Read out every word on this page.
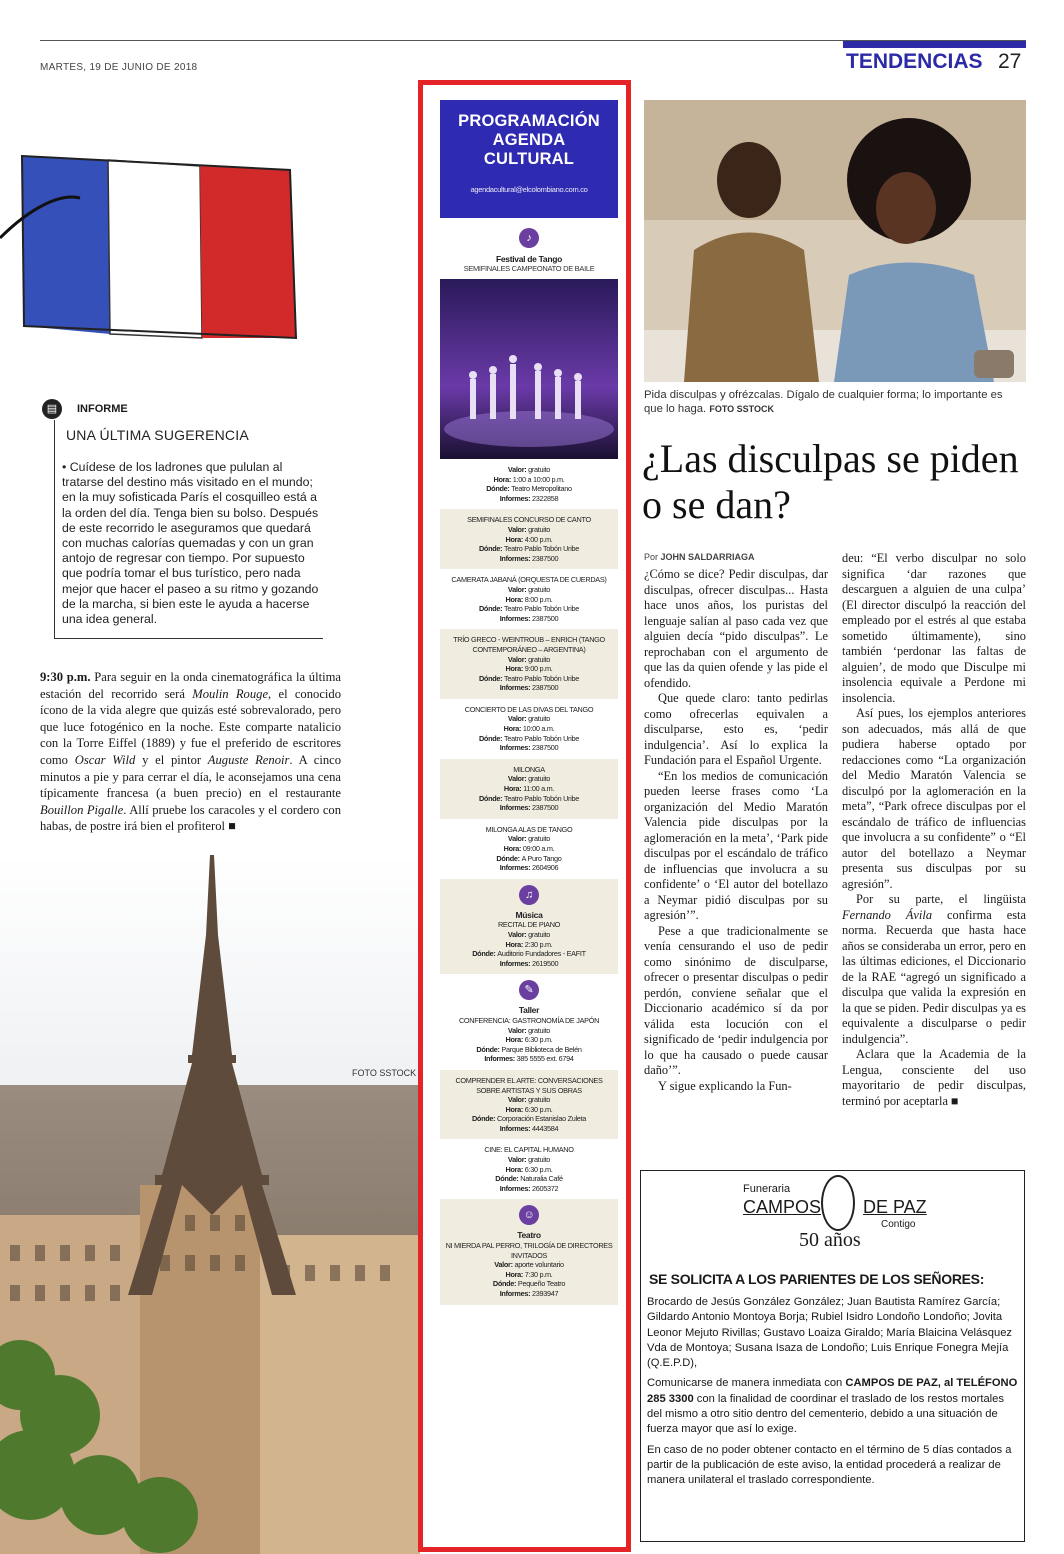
MARTES, 19 DE JUNIO DE 2018	TENDENCIAS 27
▤	INFORME
UNA ÚLTIMA SUGERENCIA
• Cuídese de los ladrones que pululan al tratarse del destino más visitado en el mundo; en la muy sofisticada París el cosquilleo está a la orden del día. Tenga bien su bolso. Después de este recorrido le aseguramos que quedará con muchas calorías quemadas y con un gran antojo de regresar con tiempo. Por supuesto que podría tomar el bus turístico, pero nada mejor que hacer el paseo a su ritmo y gozando de la marcha, si bien este le ayuda a hacerse una idea general.
9:30 p.m. Para seguir en la onda cinematográfica la última estación del recorrido será Moulin Rouge, el conocido ícono de la vida alegre que quizás esté sobrevalorado, pero que luce fotogénico en la noche. Este comparte natalicio con la Torre Eiffel (1889) y fue el preferido de escritores como Oscar Wild y el pintor Auguste Renoir. A cinco minutos a pie y para cerrar el día, le aconsejamos una cena típicamente francesa (a buen precio) en el restaurante Bouillon Pigalle. Allí pruebe los caracoles y el cordero con habas, de postre irá bien el profiterol ■
FOTO SSTOCK
PROGRAMACIÓN
AGENDA
CULTURAL
agendacultural@elcolombiano.com.co
♪
Festival de Tango
SEMIFINALES CAMPEONATO DE BAILE
Valor: gratuito
Hora: 1:00 a 10:00 p.m.
Dónde: Teatro Metropolitano
Informes: 2322858
SEMIFINALES CONCURSO DE CANTO
Valor: gratuito
Hora: 4:00 p.m.
Dónde: Teatro Pablo Tobón Uribe
Informes: 2387500
CAMERATA JABANÁ (ORQUESTA DE CUERDAS)
Valor: gratuito
Hora: 8:00 p.m.
Dónde: Teatro Pablo Tobón Uribe
Informes: 2387500
TRÍO GRECO - WEINTROUB – ENRICH (TANGO CONTEMPORÁNEO – ARGENTINA)
Valor: gratuito
Hora: 9:00 p.m.
Dónde: Teatro Pablo Tobón Uribe
Informes: 2387500
CONCIERTO DE LAS DIVAS DEL TANGO
Valor: gratuito
Hora: 10:00 a.m.
Dónde: Teatro Pablo Tobón Uribe
Informes: 2387500
MILONGA
Valor: gratuito
Hora: 11:00 a.m.
Dónde: Teatro Pablo Tobón Uribe
Informes: 2387500
MILONGA ALAS DE TANGO
Valor: gratuito
Hora: 09:00 a.m.
Dónde: A Puro Tango
Informes: 2604906
♫
Música
RECITAL DE PIANO
Valor: gratuito
Hora: 2:30 p.m.
Dónde: Auditorio Fundadores - EAFIT
Informes: 2619500
✎
Taller
CONFERENCIA: GASTRONOMÍA DE JAPÓN
Valor: gratuito
Hora: 6:30 p.m.
Dónde: Parque Biblioteca de Belén
Informes: 385 5555 ext. 6794
COMPRENDER EL ARTE: CONVERSACIONES SOBRE ARTISTAS Y SUS OBRAS
Valor: gratuito
Hora: 6:30 p.m.
Dónde: Corporación Estanislao Zuleta
Informes: 4443584
CINE: EL CAPITAL HUMANO
Valor: gratuito
Hora: 6:30 p.m.
Dónde: Naturalia Café
Informes: 2605372
☺
Teatro
NI MIERDA PAL PERRO, TRILOGÍA DE DIRECTORES INVITADOS
Valor: aporte voluntario
Hora: 7:30 p.m.
Dónde: Pequeño Teatro
Informes: 2393947
Pida disculpas y ofrézcalas. Dígalo de cualquier forma; lo importante es que lo haga. FOTO SSTOCK
¿Las disculpas se piden o se dan?
Por JOHN SALDARRIAGA

¿Cómo se dice? Pedir disculpas, dar disculpas, ofrecer disculpas... Hasta hace unos años, los puristas del lenguaje salían al paso cada vez que alguien decía “pido disculpas”. Le reprochaban con el argumento de que las da quien ofende y las pide el ofendido.

Que quede claro: tanto pedirlas como ofrecerlas equivalen a disculparse, esto es, ‘pedir indulgencia’. Así lo explica la Fundación para el Español Urgente.

“En los medios de comunicación pueden leerse frases como ‘La organización del Medio Maratón Valencia pide disculpas por la aglomeración en la meta’, ‘Park pide disculpas por el escándalo de tráfico de influencias que involucra a su confidente’ o ‘El autor del botellazo a Neymar pidió disculpas por su agresión’”.

Pese a que tradicionalmente se venía censurando el uso de pedir como sinónimo de disculparse, ofrecer o presentar disculpas o pedir perdón, conviene señalar que el Diccionario académico sí da por válida esta locución con el significado de ‘pedir indulgencia por lo que ha causado o puede causar daño’”.

Y sigue explicando la Fun-

deu: “El verbo disculpar no solo significa ‘dar razones que descarguen a alguien de una culpa’ (El director disculpó la reacción del empleado por el estrés al que estaba sometido últimamente), sino también ‘perdonar las faltas de alguien’, de modo que Disculpe mi insolencia equivale a Perdone mi insolencia.

Así pues, los ejemplos anteriores son adecuados, más allá de que pudiera haberse optado por redacciones como “La organización del Medio Maratón Valencia se disculpó por la aglomeración en la meta”, “Park ofrece disculpas por el escándalo de tráfico de influencias que involucra a su confidente” o “El autor del botellazo a Neymar presenta sus disculpas por su agresión”.

Por su parte, el lingüista Fernando Ávila confirma esta norma. Recuerda que hasta hace años se consideraba un error, pero en las últimas ediciones, el Diccionario de la RAE “agregó un significado a disculpa que valida la expresión en la que se piden. Pedir disculpas ya es equivalente a disculparse o pedir indulgencia”.

Aclara que la Academia de la Lengua, consciente del uso mayoritario de pedir disculpas, terminó por aceptarla ■

Funeraria
CAMPOS DE PAZ
Contigo
50 años
SE SOLICITA A LOS PARIENTES DE LOS SEÑORES:

Brocardo de Jesús González González; Juan Bautista Ramírez García; Gildardo Antonio Montoya Borja; Rubiel Isidro Londoño Londoño; Jovita Leonor Mejuto Rivillas; Gustavo Loaiza Giraldo; María Blaicina Velásquez Vda de Montoya; Susana Isaza de Londoño; Luis Enrique Fonegra Mejía (Q.E.P.D),

Comunicarse de manera inmediata con CAMPOS DE PAZ, al TELÉFONO 285 3300 con la finalidad de coordinar el traslado de los restos mortales del mismo a otro sitio dentro del cementerio, debido a una situación de fuerza mayor que así lo exige.

En caso de no poder obtener contacto en el término de 5 días contados a partir de la publicación de este aviso, la entidad procederá a realizar de manera unilateral el traslado correspondiente.
